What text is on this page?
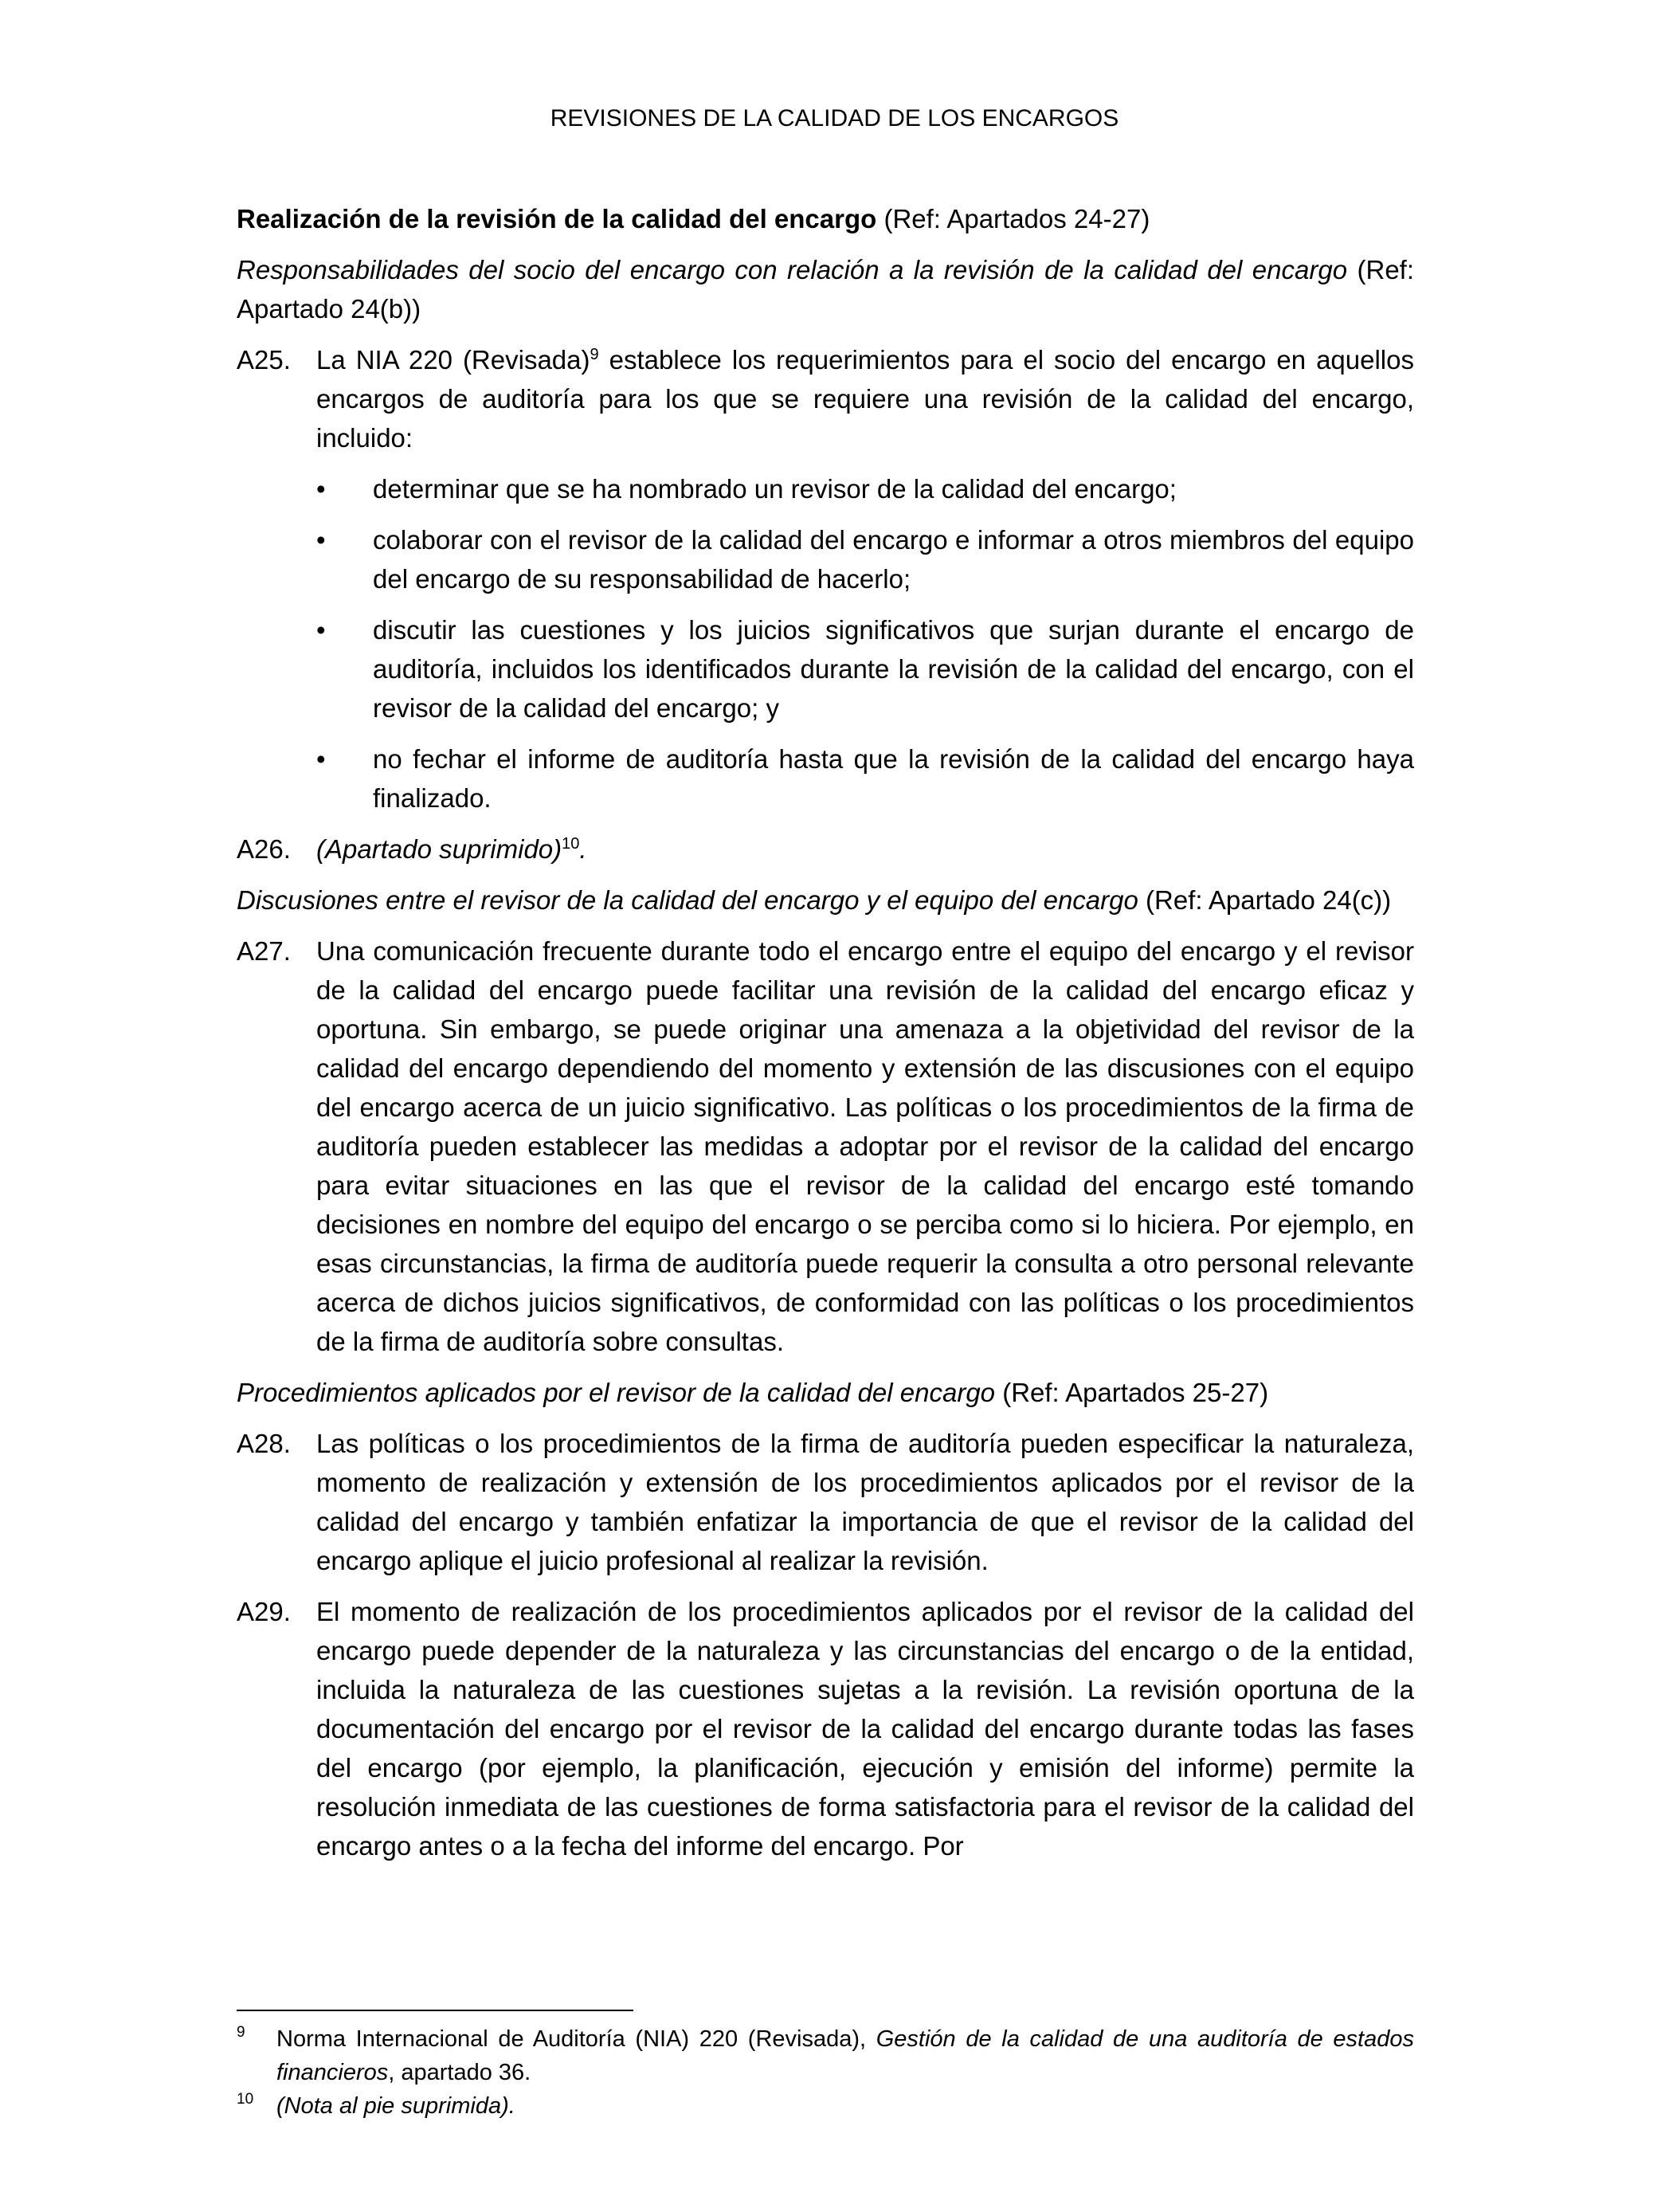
REVISIONES DE LA CALIDAD DE LOS ENCARGOS

Realización de la revisión de la calidad del encargo (Ref: Apartados 24-27)

Responsabilidades del socio del encargo con relación a la revisión de la calidad del encargo (Ref: Apartado 24(b))

A25. La NIA 220 (Revisada)$^9$ establece los requerimientos para el socio del encargo en aquellos encargos de auditoría para los que se requiere una revisión de la calidad del encargo, incluido:
• determinar que se ha nombrado un revisor de la calidad del encargo;
• colaborar con el revisor de la calidad del encargo e informar a otros miembros del equipo del encargo de su responsabilidad de hacerlo;
• discutir las cuestiones y los juicios significativos que surjan durante el encargo de auditoría, incluidos los identificados durante la revisión de la calidad del encargo, con el revisor de la calidad del encargo; y
• no fechar el informe de auditoría hasta que la revisión de la calidad del encargo haya finalizado.
A26. (Apartado suprimido)$^{10}$.

Discusiones entre el revisor de la calidad del encargo y el equipo del encargo (Ref: Apartado 24(c))

A27. Una comunicación frecuente durante todo el encargo entre el equipo del encargo y el revisor de la calidad del encargo puede facilitar una revisión de la calidad del encargo eficaz y oportuna. Sin embargo, se puede originar una amenaza a la objetividad del revisor de la calidad del encargo dependiendo del momento y extensión de las discusiones con el equipo del encargo acerca de un juicio significativo. Las políticas o los procedimientos de la firma de auditoría pueden establecer las medidas a adoptar por el revisor de la calidad del encargo para evitar situaciones en las que el revisor de la calidad del encargo esté tomando decisiones en nombre del equipo del encargo o se perciba como si lo hiciera. Por ejemplo, en esas circunstancias, la firma de auditoría puede requerir la consulta a otro personal relevante acerca de dichos juicios significativos, de conformidad con las políticas o los procedimientos de la firma de auditoría sobre consultas.

Procedimientos aplicados por el revisor de la calidad del encargo (Ref: Apartados 25-27)

A28. Las políticas o los procedimientos de la firma de auditoría pueden especificar la naturaleza, momento de realización y extensión de los procedimientos aplicados por el revisor de la calidad del encargo y también enfatizar la importancia de que el revisor de la calidad del encargo aplique el juicio profesional al realizar la revisión.
A29. El momento de realización de los procedimientos aplicados por el revisor de la calidad del encargo puede depender de la naturaleza y las circunstancias del encargo o de la entidad, incluida la naturaleza de las cuestiones sujetas a la revisión. La revisión oportuna de la documentación del encargo por el revisor de la calidad del encargo durante todas las fases del encargo (por ejemplo, la planificación, ejecución y emisión del informe) permite la resolución inmediata de las cuestiones de forma satisfactoria para el revisor de la calidad del encargo antes o a la fecha del informe del encargo. Por

9 Norma Internacional de Auditoría (NIA) 220 (Revisada), Gestión de la calidad de una auditoría de estados financieros, apartado 36.

10 (Nota al pie suprimida).
